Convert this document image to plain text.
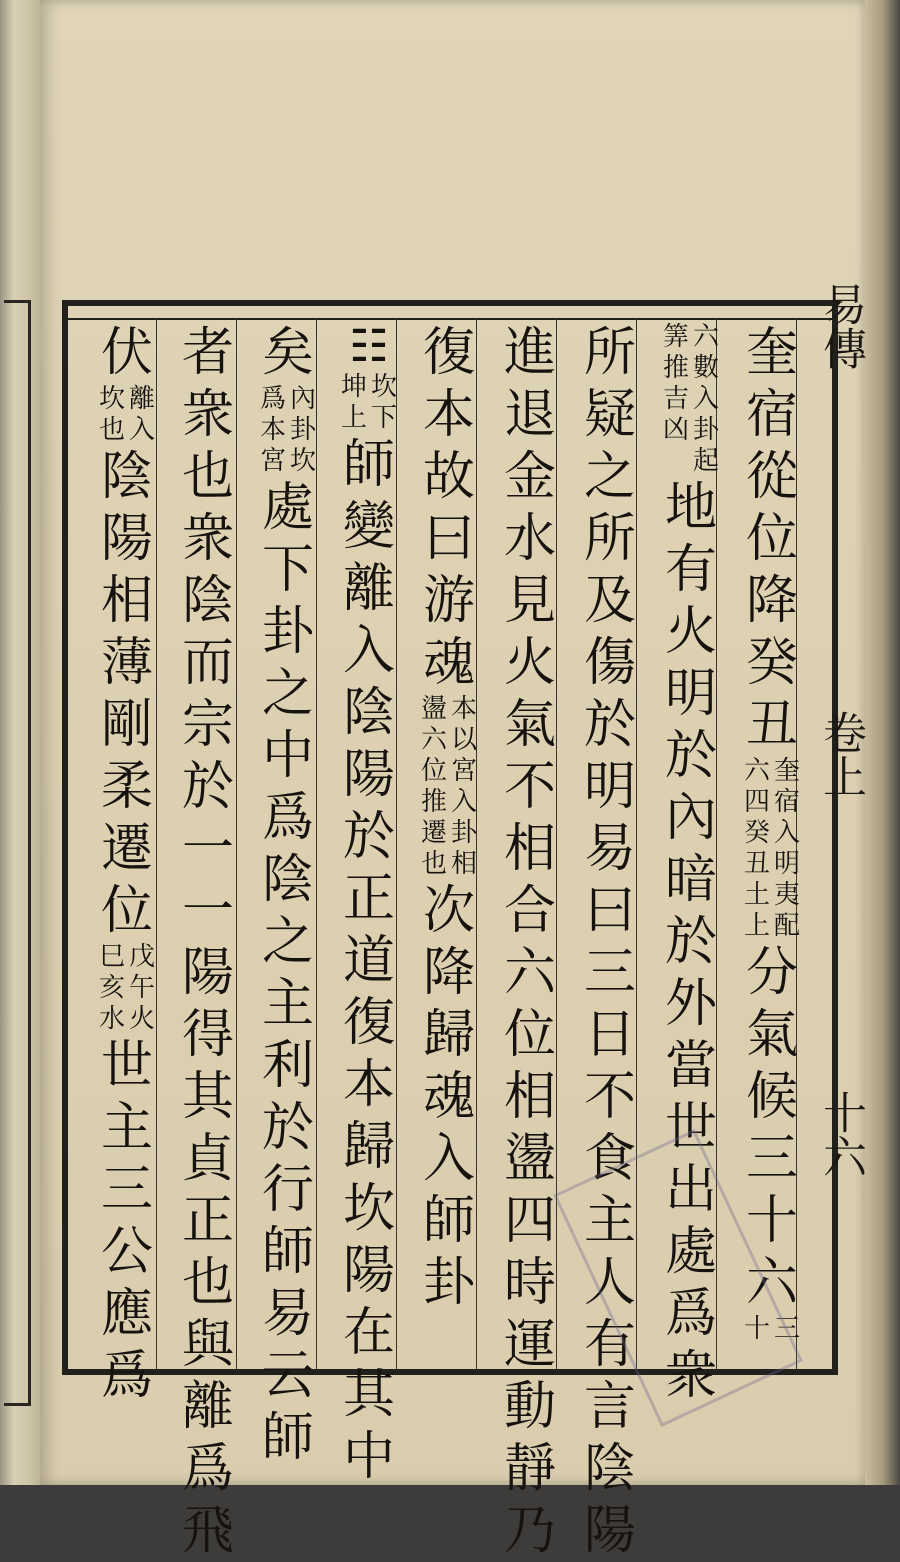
易傳
卷上
十六
奎
宿
從
位
降
癸
丑
奎
六
宿
四
入
癸
明
丑
夷
土
配
上
分
氣
候
三
十
六
三
十
六
筭
數
推
入
吉
卦
凶
起
地
有
火
明
於
內
暗
於
外
當
世
出
處
爲
衆
所
疑
之
所
及
傷
於
明
易
曰
三
日
不
食
主
人
有
言
陰
陽
進
退
金
水
見
火
氣
不
相
合
六
位
相
盪
四
時
運
動
靜
乃
復
本
故
曰
游
魂
本
盪
以
六
宮
位
入
推
卦
遷
相
也
次
降
歸
魂
入
師
卦
☷
坎
坤
下
上
師
變
離
入
陰
陽
於
正
道
復
本
歸
坎
陽
在
其
中
矣
內
爲
卦
本
坎
宮
處
下
卦
之
中
爲
陰
之
主
利
於
行
師
易
云
師
者
衆
也
衆
陰
而
宗
於
一
一
陽
得
其
貞
正
也
與
離
爲
飛
伏
離
坎
入
也
陰
陽
相
薄
剛
柔
遷
位
戊
巳
午
亥
火
水
世
主
三
公
應
爲
